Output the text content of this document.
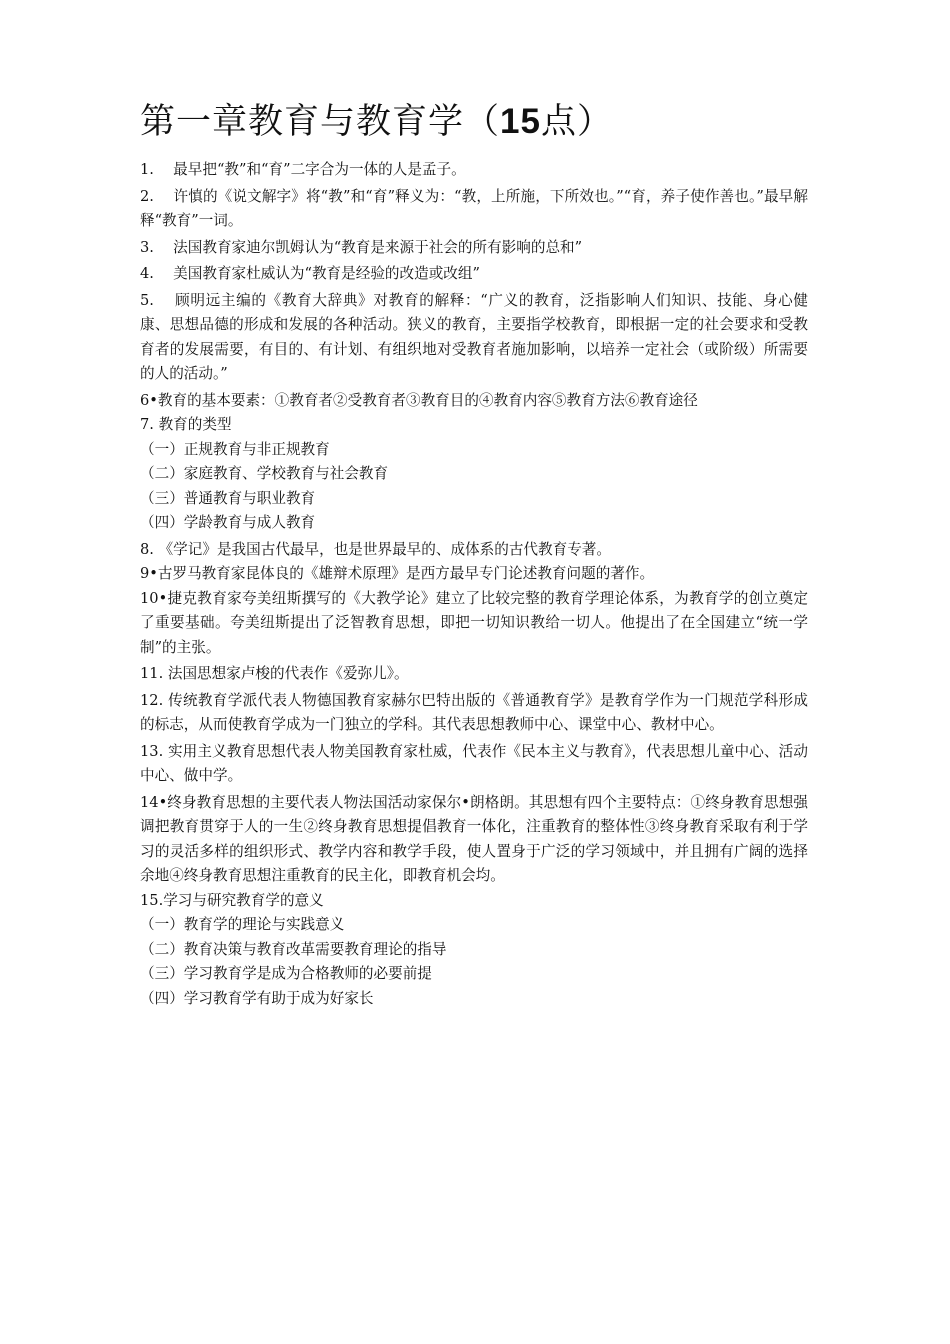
第一章教育与教育学（15点）

1.　 最早把“教”和“育”二字合为一体的人是孟子。

2.　 许慎的《说文解字》将“教”和“育”释义为：“教，上所施，下所效也。”“育，养子使作善也。”最早解释“教育”一词。

3.　 法国教育家迪尔凯姆认为“教育是来源于社会的所有影响的总和”

4.　 美国教育家杜威认为“教育是经验的改造或改组”

5.　 顾明远主编的《教育大辞典》对教育的解释：“广义的教育，泛指影响人们知识、技能、身心健康、思想品德的形成和发展的各种活动。狭义的教育，主要指学校教育，即根据一定的社会要求和受教育者的发展需要，有目的、有计划、有组织地对受教育者施加影响，以培养一定社会（或阶级）所需要的人的活动。”

6•教育的基本要素：①教育者②受教育者③教育目的④教育内容⑤教育方法⑥教育途径

7. 教育的类型

（一）正规教育与非正规教育

（二）家庭教育、学校教育与社会教育

（三）普通教育与职业教育

（四）学龄教育与成人教育

8. 《学记》是我国古代最早，也是世界最早的、成体系的古代教育专著。

9•古罗马教育家昆体良的《雄辩术原理》是西方最早专门论述教育问题的著作。

10•捷克教育家夸美纽斯撰写的《大教学论》建立了比较完整的教育学理论体系，为教育学的创立奠定了重要基础。夸美纽斯提出了泛智教育思想，即把一切知识教给一切人。他提出了在全国建立“统一学制”的主张。

11. 法国思想家卢梭的代表作《爱弥儿》。

12. 传统教育学派代表人物德国教育家赫尔巴特出版的《普通教育学》是教育学作为一门规范学科形成的标志，从而使教育学成为一门独立的学科。其代表思想教师中心、课堂中心、教材中心。

13. 实用主义教育思想代表人物美国教育家杜威，代表作《民本主义与教育》，代表思想儿童中心、活动中心、做中学。

14•终身教育思想的主要代表人物法国活动家保尔•朗格朗。其思想有四个主要特点：①终身教育思想强调把教育贯穿于人的一生②终身教育思想提倡教育一体化，注重教育的整体性③终身教育采取有利于学习的灵活多样的组织形式、教学内容和教学手段，使人置身于广泛的学习领域中，并且拥有广阔的选择余地④终身教育思想注重教育的民主化，即教育机会均。

15.学习与研究教育学的意义

（一）教育学的理论与实践意义

（二）教育决策与教育改革需要教育理论的指导

（三）学习教育学是成为合格教师的必要前提

（四）学习教育学有助于成为好家长
